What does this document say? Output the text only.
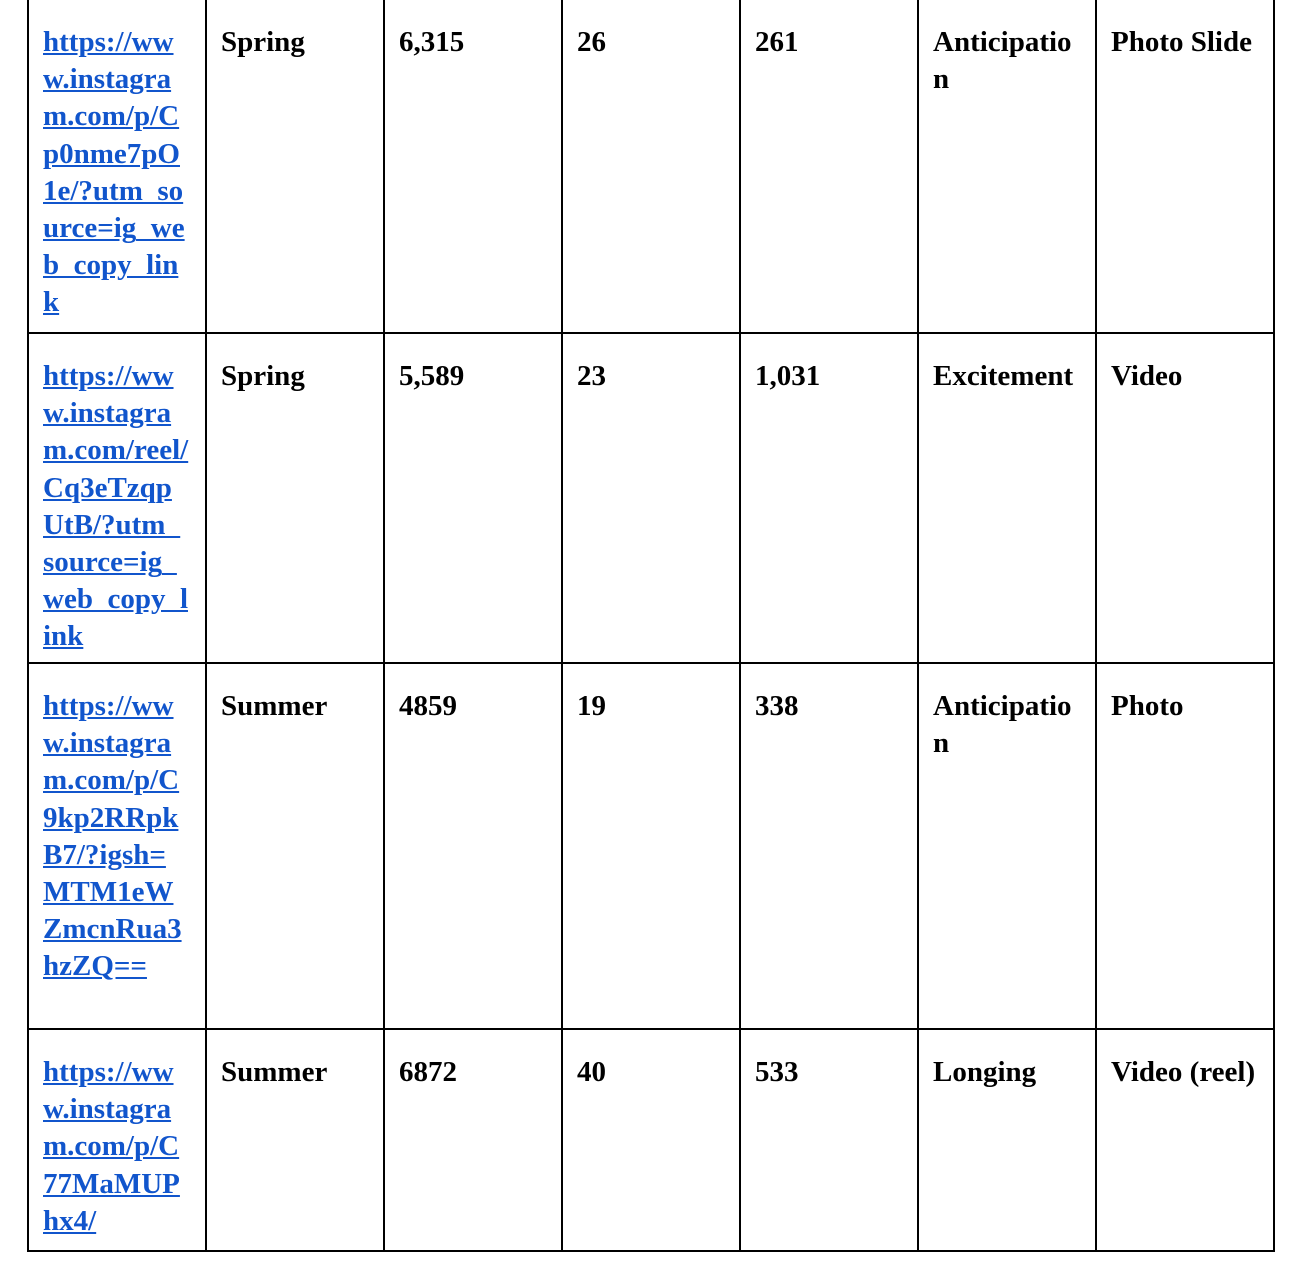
https://www.instagram.com/p/Cp0nme7pO1e/?utm_source=ig_web_copy_link	Spring	6,315	26	261	Anticipation	Photo Slide
https://www.instagram.com/reel/Cq3eTzqpUtB/?utm_source=ig_web_copy_link	Spring	5,589	23	1,031	Excitement	Video
https://www.instagram.com/p/C9kp2RRpkB7/?igsh=MTM1eWZmcnRua3hzZQ==	Summer	4859	19	338	Anticipation	Photo
https://www.instagram.com/p/C77MaMUPhx4/	Summer	6872	40	533	Longing	Video (reel)
